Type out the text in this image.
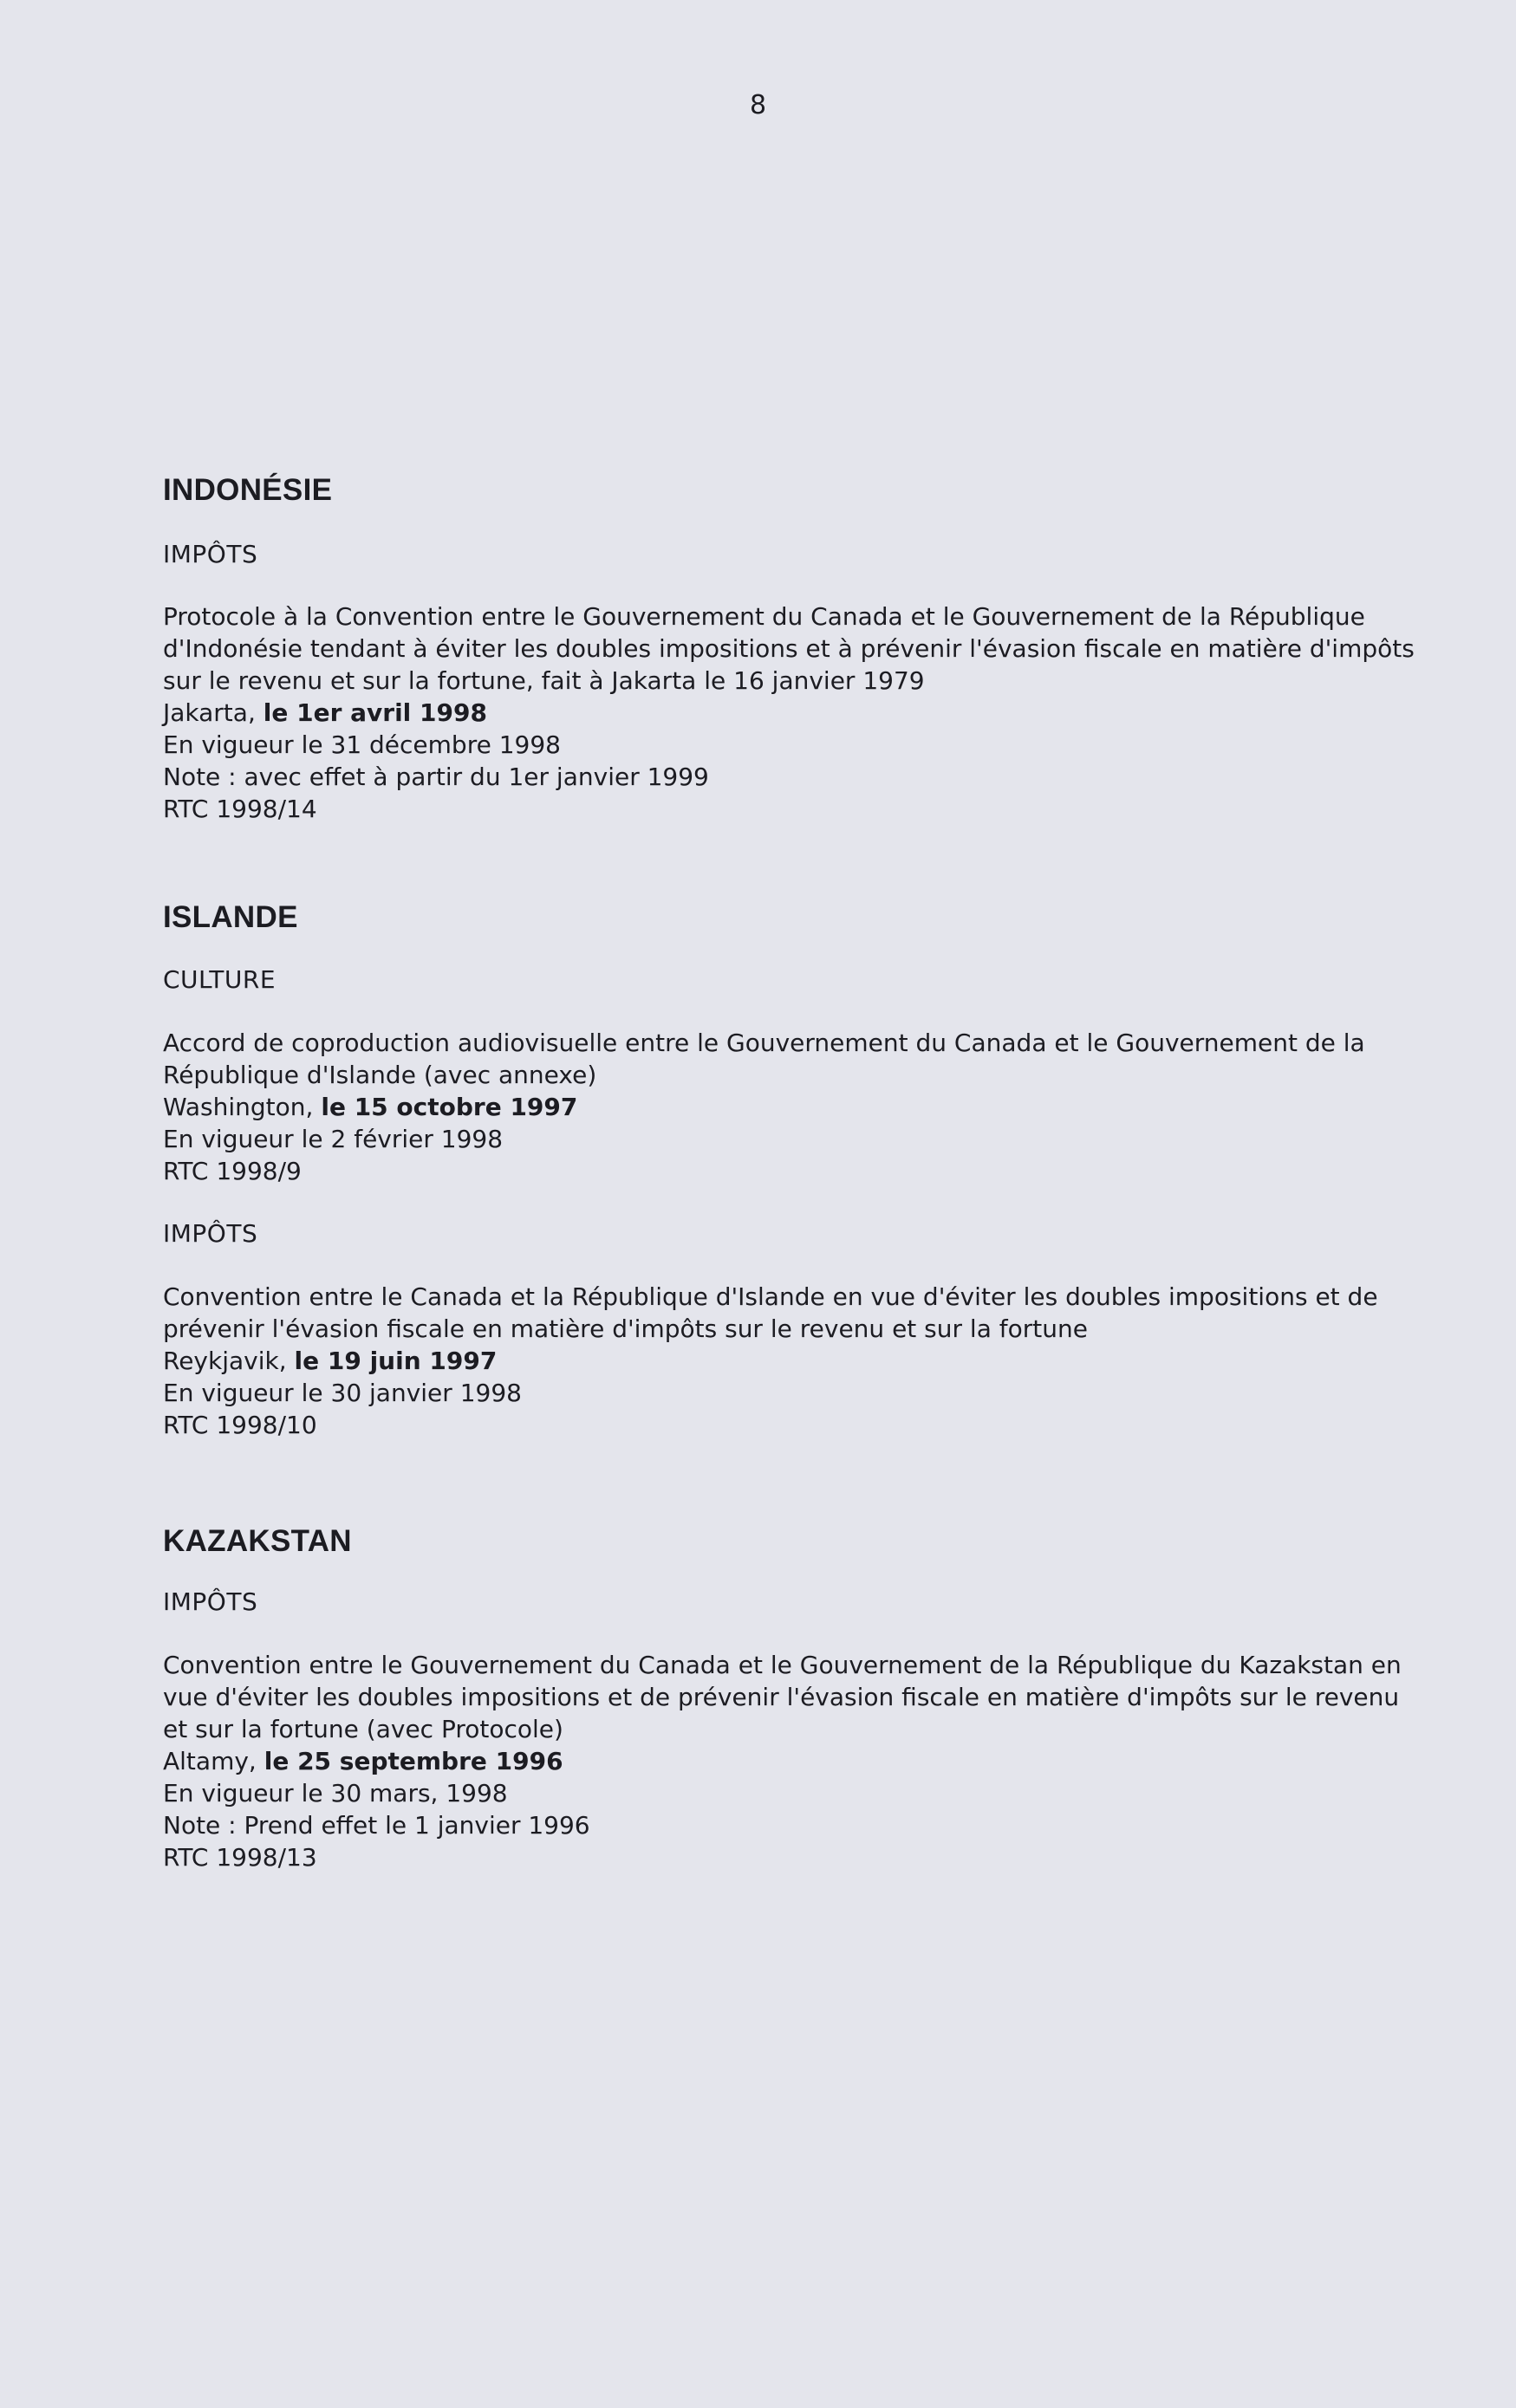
8
INDONÉSIE
IMPÔTS

Protocole à la Convention entre le Gouvernement du Canada et le Gouvernement de la République d'Indonésie tendant à éviter les doubles impositions et à prévenir l'évasion fiscale en matière d'impôts sur le revenu et sur la fortune, fait à Jakarta le 16 janvier 1979

Jakarta, le 1er avril 1998

En vigueur le 31 décembre 1998

Note : avec effet à partir du 1er janvier 1999

RTC 1998/14

ISLANDE
CULTURE

Accord de coproduction audiovisuelle entre le Gouvernement du Canada et le Gouvernement de la République d'Islande (avec annexe)

Washington, le 15 octobre 1997

En vigueur le 2 février 1998

RTC 1998/9

IMPÔTS

Convention entre le Canada et la République d'Islande en vue d'éviter les doubles impositions et de prévenir l'évasion fiscale en matière d'impôts sur le revenu et sur la fortune

Reykjavik, le 19 juin 1997

En vigueur le 30 janvier 1998

RTC 1998/10

KAZAKSTAN
IMPÔTS

Convention entre le Gouvernement du Canada et le Gouvernement de la République du Kazakstan en vue d'éviter les doubles impositions et de prévenir l'évasion fiscale en matière d'impôts sur le revenu et sur la fortune (avec Protocole)

Altamy, le 25 septembre 1996

En vigueur le 30 mars, 1998

Note : Prend effet le 1 janvier 1996

RTC 1998/13
